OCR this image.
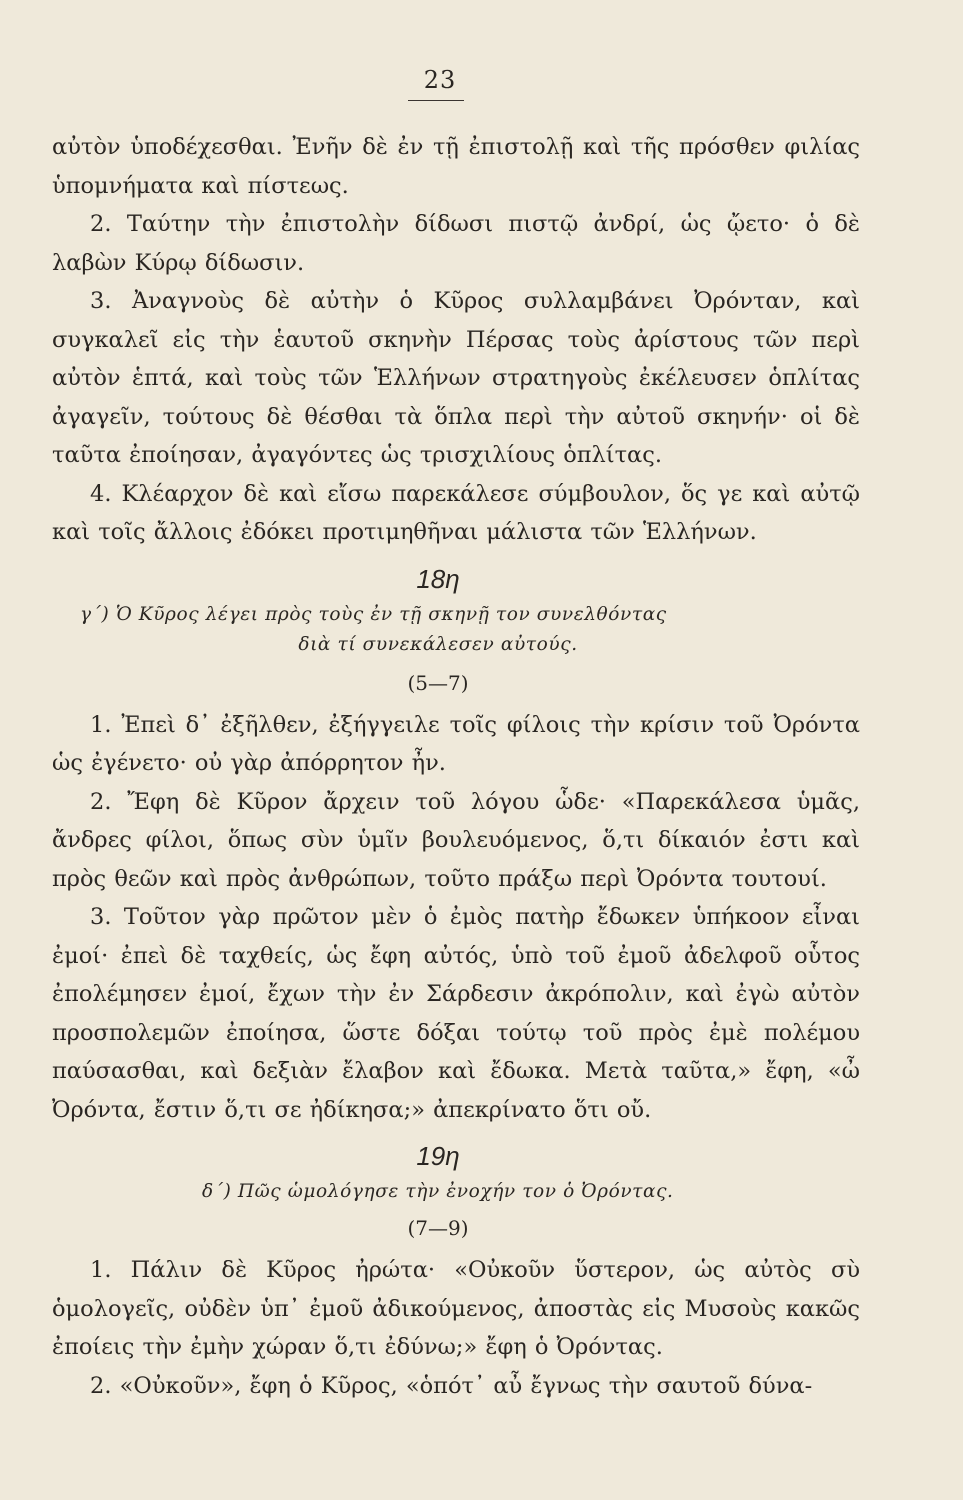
23

αὐτὸν ὑποδέχεσθαι. Ἐνῆν δὲ ἐν τῇ ἐπιστολῇ καὶ τῆς πρόσθεν φιλίας ὑπομνήματα καὶ πίστεως.

2. Ταύτην τὴν ἐπιστολὴν δίδωσι πιστῷ ἀνδρί, ὡς ᾤετο· ὁ δὲ λαβὼν Κύρῳ δίδωσιν.

3. Ἀναγνοὺς δὲ αὐτὴν ὁ Κῦρος συλλαμβάνει Ὀρόνταν, καὶ συγκαλεῖ εἰς τὴν ἑαυτοῦ σκηνὴν Πέρσας τοὺς ἀρίστους τῶν περὶ αὐτὸν ἑπτά, καὶ τοὺς τῶν Ἑλλήνων στρατηγοὺς ἐκέλευσεν ὁπλίτας ἀγαγεῖν, τούτους δὲ θέσθαι τὰ ὅπλα περὶ τὴν αὐτοῦ σκηνήν· οἱ δὲ ταῦτα ἐποίησαν, ἀγαγόντες ὡς τρισχιλίους ὁπλίτας.

4. Κλέαρχον δὲ καὶ εἴσω παρεκάλεσε σύμβουλον, ὅς γε καὶ αὐτῷ καὶ τοῖς ἄλλοις ἐδόκει προτιμηθῆναι μάλιστα τῶν Ἑλλήνων.

18η

γ΄) Ὁ Κῦρος λέγει πρὸς τοὺς ἐν τῇ σκηνῇ τον συνελθόντας

διὰ τί συνεκάλεσεν αὐτούς.
(5—7)

1. Ἐπεὶ δ᾽ ἐξῆλθεν, ἐξήγγειλε τοῖς φίλοις τὴν κρίσιν τοῦ Ὀρόντα ὡς ἐγένετο· οὐ γὰρ ἀπόρρητον ἦν.

2. Ἔφη δὲ Κῦρον ἄρχειν τοῦ λόγου ὧδε· «Παρεκάλεσα ὑμᾶς, ἄνδρες φίλοι, ὅπως σὺν ὑμῖν βουλευόμενος, ὅ,τι δίκαιόν ἐστι καὶ πρὸς θεῶν καὶ πρὸς ἀνθρώπων, τοῦτο πράξω περὶ Ὀρόντα τουτουί.

3. Τοῦτον γὰρ πρῶτον μὲν ὁ ἐμὸς πατὴρ ἔδωκεν ὑπήκοον εἶναι ἐμοί· ἐπεὶ δὲ ταχθείς, ὡς ἔφη αὐτός, ὑπὸ τοῦ ἐμοῦ ἀδελφοῦ οὗτος ἐπολέμησεν ἐμοί, ἔχων τὴν ἐν Σάρδεσιν ἀκρόπολιν, καὶ ἐγὼ αὐτὸν προσπολεμῶν ἐποίησα, ὥστε δόξαι τούτῳ τοῦ πρὸς ἐμὲ πολέμου παύσασθαι, καὶ δεξιὰν ἔλαβον καὶ ἔδωκα. Μετὰ ταῦτα,» ἔφη, «ὦ Ὀρόντα, ἔστιν ὅ,τι σε ἠδίκησα;» ἀπεκρίνατο ὅτι οὔ.

19η

δ΄) Πῶς ὡμολόγησε τὴν ἐνοχήν τον ὁ Ὀρόντας.

(7—9)

1. Πάλιν δὲ Κῦρος ἠρώτα· «Οὐκοῦν ὕστερον, ὡς αὐτὸς σὺ ὁμολογεῖς, οὐδὲν ὑπ᾽ ἐμοῦ ἀδικούμενος, ἀποστὰς εἰς Μυσοὺς κακῶς ἐποίεις τὴν ἐμὴν χώραν ὅ,τι ἐδύνω;» ἔφη ὁ Ὀρόντας.

2. «Οὐκοῦν», ἔφη ὁ Κῦρος, «ὁπότ᾽ αὖ ἔγνως τὴν σαυτοῦ δύνα-
